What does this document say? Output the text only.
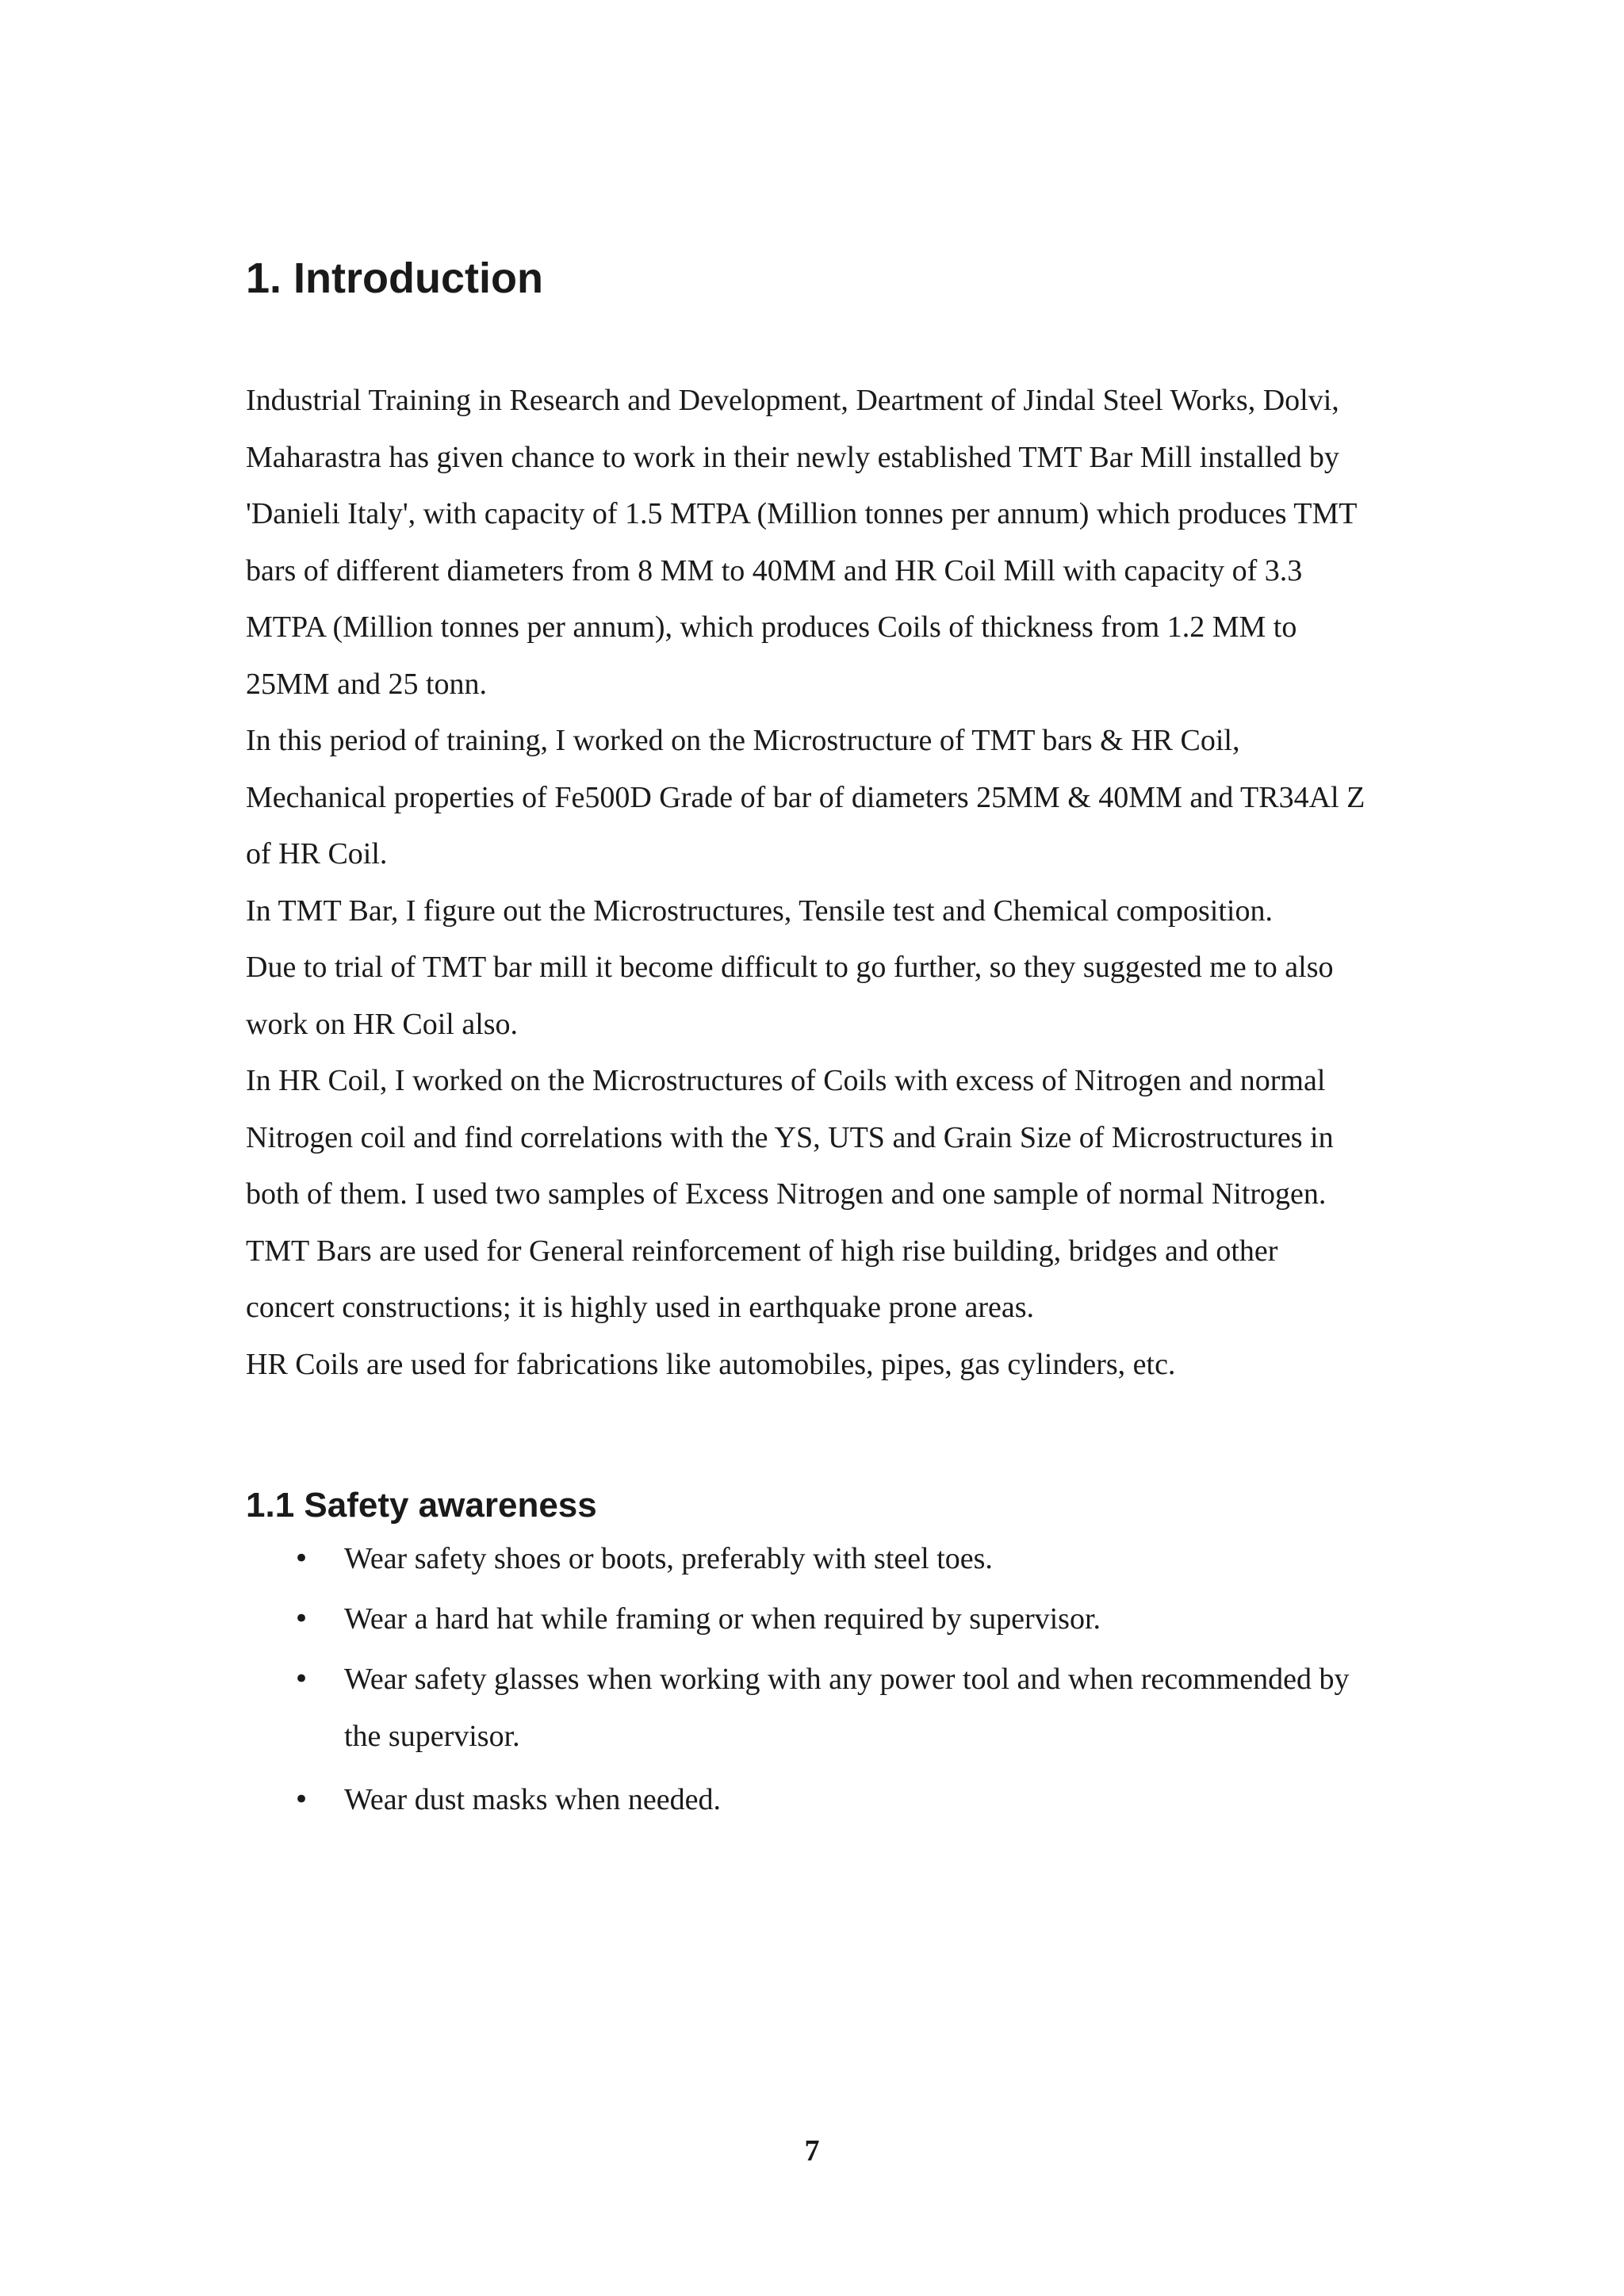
1. Introduction
Industrial Training in Research and Development, Deartment of Jindal Steel Works, Dolvi,
Maharastra has given chance to work in their newly established TMT Bar Mill installed by
'Danieli Italy', with capacity of 1.5 MTPA (Million tonnes per annum) which produces TMT
bars of different diameters from 8 MM to 40MM and HR Coil Mill with capacity of 3.3
MTPA (Million tonnes per annum), which produces Coils of thickness from 1.2 MM to
25MM and 25 tonn.
In this period of training, I worked on the Microstructure of TMT bars & HR Coil,
Mechanical properties of Fe500D Grade of bar of diameters 25MM & 40MM and TR34Al Z
of HR Coil.
In TMT Bar, I figure out the Microstructures, Tensile test and Chemical composition.
Due to trial of TMT bar mill it become difficult to go further, so they suggested me to also
work on HR Coil also.
In HR Coil, I worked on the Microstructures of Coils with excess of Nitrogen and normal
Nitrogen coil and find correlations with the YS, UTS and Grain Size of Microstructures in
both of them. I used two samples of Excess Nitrogen and one sample of normal Nitrogen.
TMT Bars are used for General reinforcement of high rise building, bridges and other
concert constructions; it is highly used in earthquake prone areas.
HR Coils are used for fabrications like automobiles, pipes, gas cylinders, etc.
1.1 Safety awareness
•	Wear safety shoes or boots, preferably with steel toes.
•	Wear a hard hat while framing or when required by supervisor.
•	Wear safety glasses when working with any power tool and when recommended by
the supervisor.
•	Wear dust masks when needed.

7
